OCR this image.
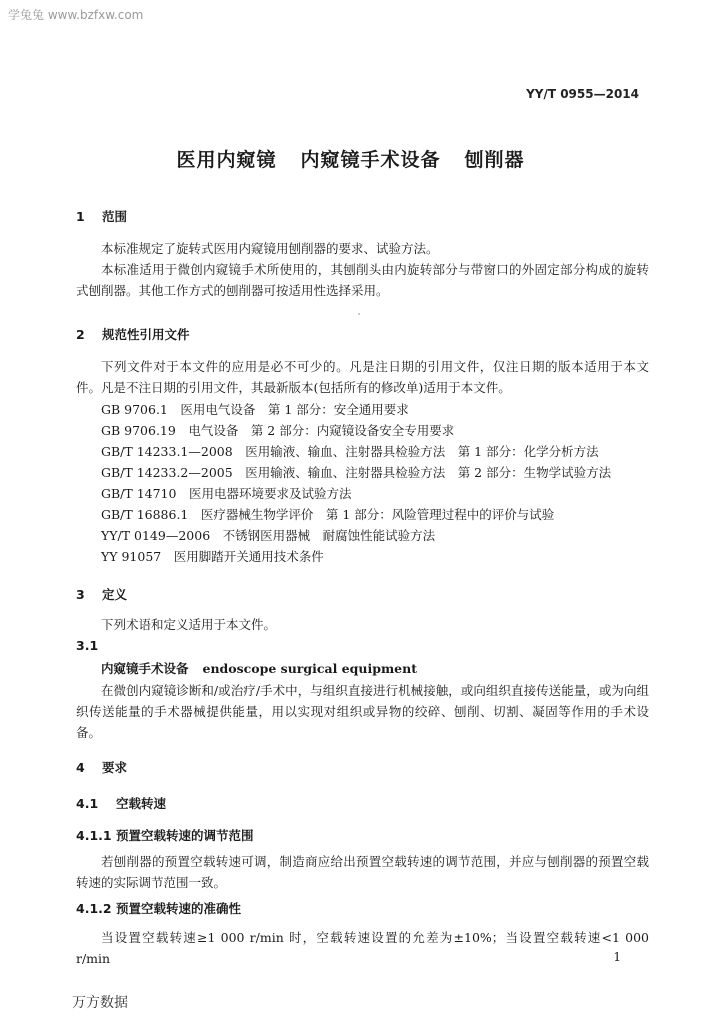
学兔兔 www.bzfxw.com
YY/T 0955—2014
医用内窥镜 内窥镜手术设备 刨削器
1 范围
本标准规定了旋转式医用内窥镜用刨削器的要求、试验方法。
本标准适用于微创内窥镜手术所使用的，其刨削头由内旋转部分与带窗口的外固定部分构成的旋转式刨削器。其他工作方式的刨削器可按适用性选择采用。
2 规范性引用文件
下列文件对于本文件的应用是必不可少的。凡是注日期的引用文件，仅注日期的版本适用于本文件。凡是不注日期的引用文件，其最新版本(包括所有的修改单)适用于本文件。
GB 9706.1　医用电气设备　第 1 部分：安全通用要求
GB 9706.19　电气设备　第 2 部分：内窥镜设备安全专用要求
GB/T 14233.1—2008　医用输液、输血、注射器具检验方法　第 1 部分：化学分析方法
GB/T 14233.2—2005　医用输液、输血、注射器具检验方法　第 2 部分：生物学试验方法
GB/T 14710　医用电器环境要求及试验方法
GB/T 16886.1　医疗器械生物学评价　第 1 部分：风险管理过程中的评价与试验
YY/T 0149—2006　不锈钢医用器械　耐腐蚀性能试验方法
YY 91057　医用脚踏开关通用技术条件
3 定义
下列术语和定义适用于本文件。
3.1
内窥镜手术设备 endoscope surgical equipment
在微创内窥镜诊断和/或治疗/手术中，与组织直接进行机械接触，或向组织直接传送能量，或为向组织传送能量的手术器械提供能量，用以实现对组织或异物的绞碎、刨削、切割、凝固等作用的手术设备。
4 要求
4.1 空载转速
4.1.1 预置空载转速的调节范围
若刨削器的预置空载转速可调，制造商应给出预置空载转速的调节范围，并应与刨削器的预置空载转速的实际调节范围一致。
4.1.2 预置空载转速的准确性
当设置空载转速≥1 000 r/min 时，空载转速设置的允差为±10%；当设置空载转速<1 000 r/min	1
万方数据
